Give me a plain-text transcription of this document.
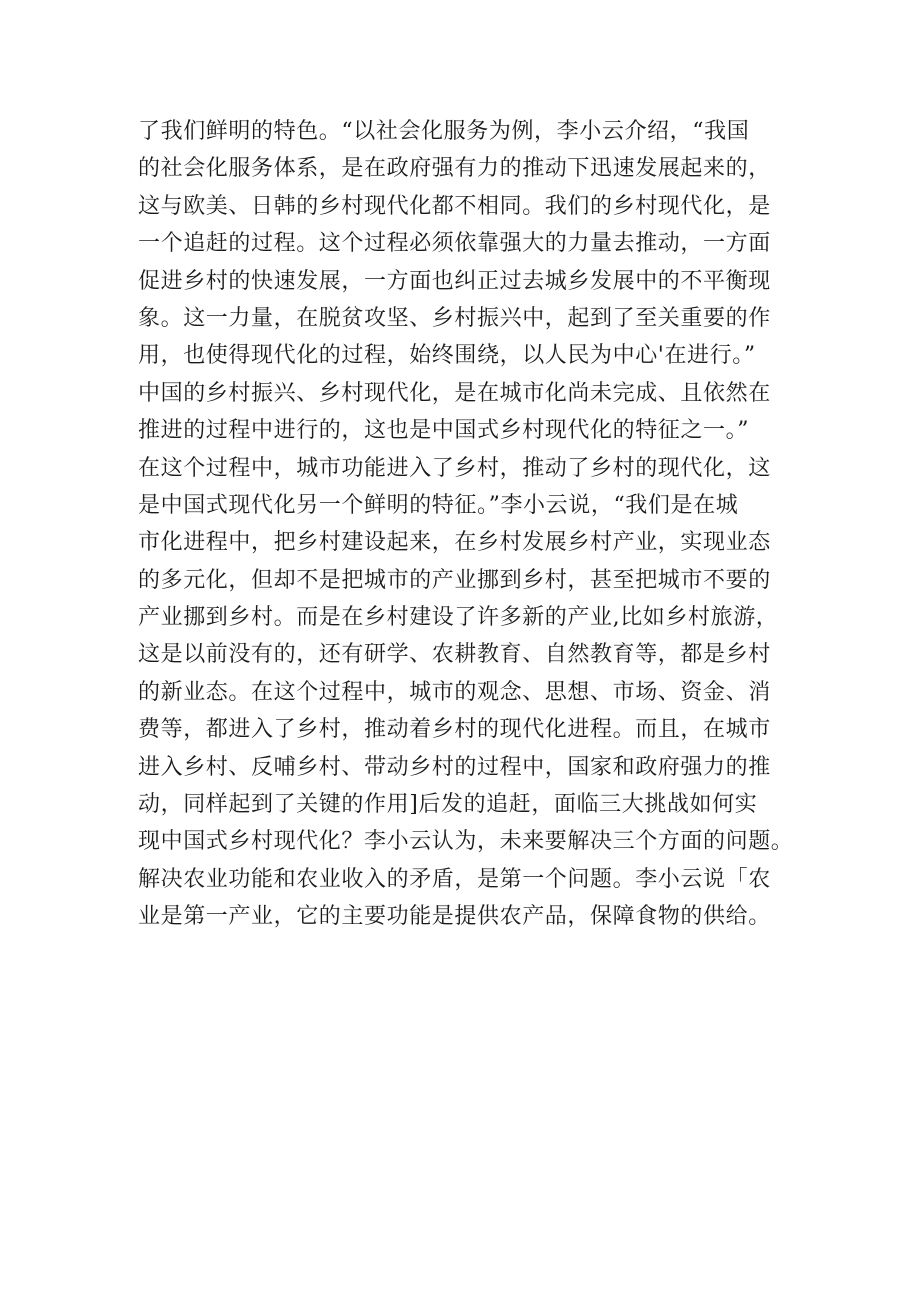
了我们鲜明的特色。“以社会化服务为例，李小云介绍，“我国
的社会化服务体系，是在政府强有力的推动下迅速发展起来的，
这与欧美、日韩的乡村现代化都不相同。我们的乡村现代化，是
一个追赶的过程。这个过程必须依靠强大的力量去推动，一方面
促进乡村的快速发展，一方面也纠正过去城乡发展中的不平衡现
象。这一力量，在脱贫攻坚、乡村振兴中，起到了至关重要的作
用，也使得现代化的过程，始终围绕，以人民为中心'在进行。”
中国的乡村振兴、乡村现代化，是在城市化尚未完成、且依然在
推进的过程中进行的，这也是中国式乡村现代化的特征之一。”
在这个过程中，城市功能进入了乡村，推动了乡村的现代化，这
是中国式现代化另一个鲜明的特征。”李小云说，“我们是在城
市化进程中，把乡村建设起来，在乡村发展乡村产业，实现业态
的多元化，但却不是把城市的产业挪到乡村，甚至把城市不要的
产业挪到乡村。而是在乡村建设了许多新的产业,比如乡村旅游，
这是以前没有的，还有研学、农耕教育、自然教育等，都是乡村
的新业态。在这个过程中，城市的观念、思想、市场、资金、消
费等，都进入了乡村，推动着乡村的现代化进程。而且，在城市
进入乡村、反哺乡村、带动乡村的过程中，国家和政府强力的推
动，同样起到了关键的作用]后发的追赶，面临三大挑战如何实
现中国式乡村现代化？李小云认为，未来要解决三个方面的问题。
解决农业功能和农业收入的矛盾，是第一个问题。李小云说「农
业是第一产业，它的主要功能是提供农产品，保障食物的供给。
